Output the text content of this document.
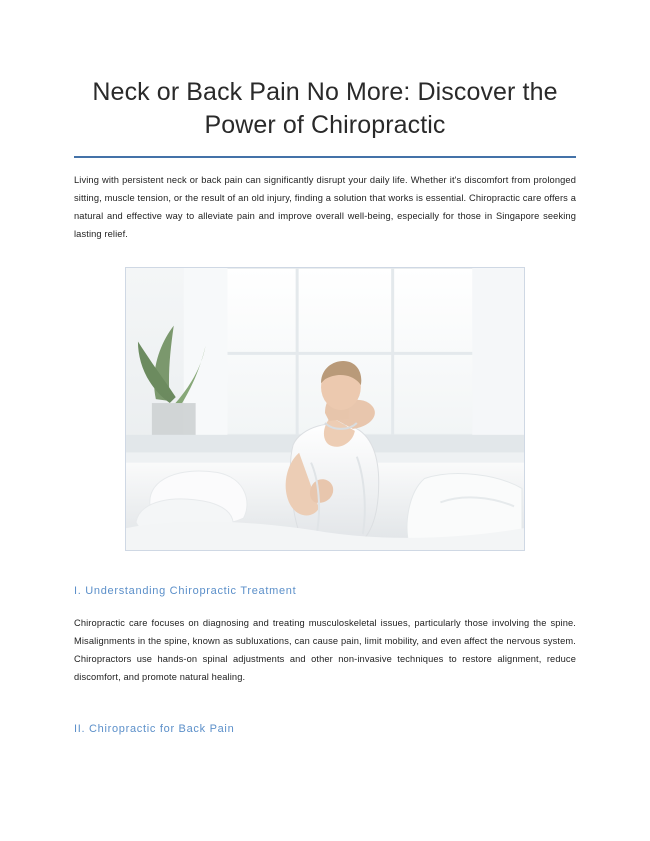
Neck or Back Pain No More: Discover the Power of Chiropractic

Living with persistent neck or back pain can significantly disrupt your daily life. Whether it's discomfort from prolonged sitting, muscle tension, or the result of an old injury, finding a solution that works is essential. Chiropractic care offers a natural and effective way to alleviate pain and improve overall well-being, especially for those in Singapore seeking lasting relief.

I. Understanding Chiropractic Treatment

Chiropractic care focuses on diagnosing and treating musculoskeletal issues, particularly those involving the spine. Misalignments in the spine, known as subluxations, can cause pain, limit mobility, and even affect the nervous system. Chiropractors use hands-on spinal adjustments and other non-invasive techniques to restore alignment, reduce discomfort, and promote natural healing.

II. Chiropractic for Back Pain
